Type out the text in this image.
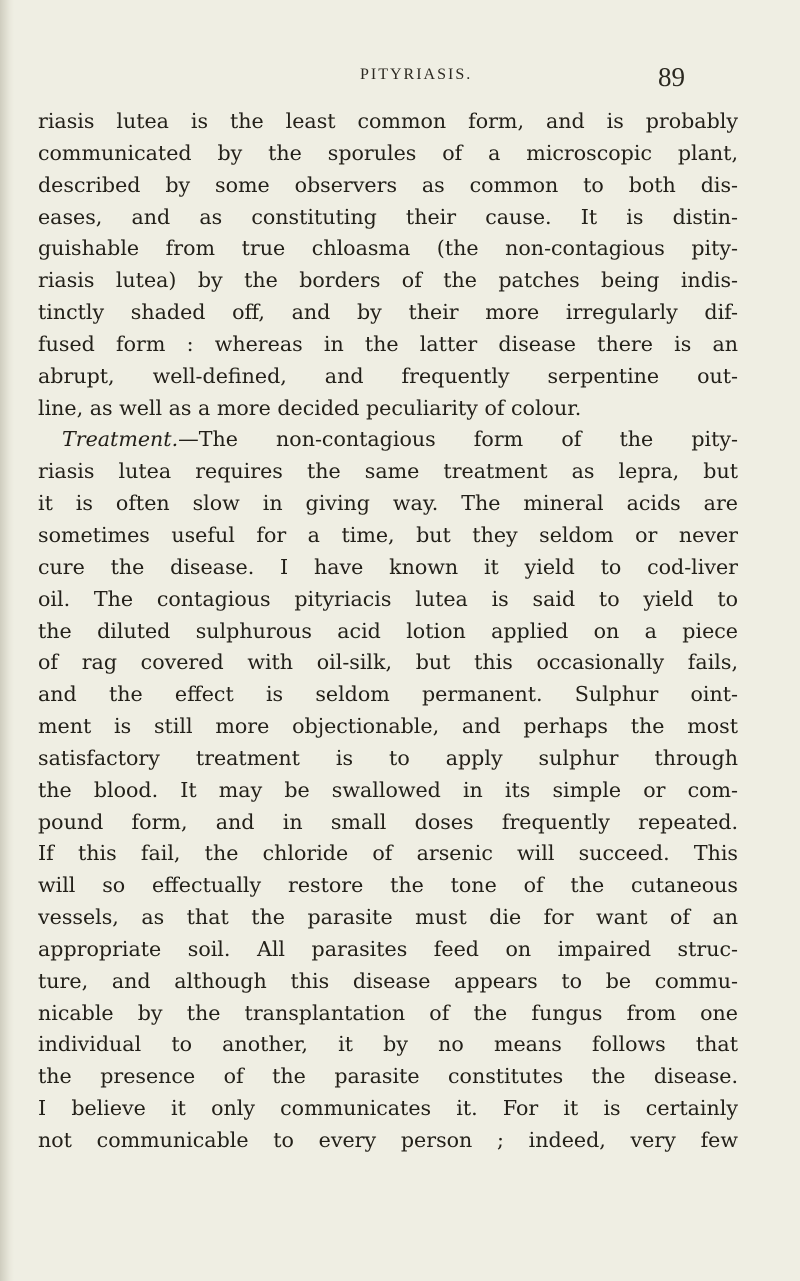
PITYRIASIS.	89
riasis lutea is the least common form, and is probably
communicated by the sporules of a microscopic plant,
described by some observers as common to both dis-
eases, and as constituting their cause. It is distin-
guishable from true chloasma (the non-contagious pity-
riasis lutea) by the borders of the patches being indis-
tinctly shaded off, and by their more irregularly dif-
fused form : whereas in the latter disease there is an
abrupt, well-defined, and frequently serpentine out-
line, as well as a more decided peculiarity of colour.
Treatment.—The non-contagious form of the pity-
riasis lutea requires the same treatment as lepra, but
it is often slow in giving way. The mineral acids are
sometimes useful for a time, but they seldom or never
cure the disease. I have known it yield to cod-liver
oil. The contagious pityriacis lutea is said to yield to
the diluted sulphurous acid lotion applied on a piece
of rag covered with oil-silk, but this occasionally fails,
and the effect is seldom permanent. Sulphur oint-
ment is still more objectionable, and perhaps the most
satisfactory treatment is to apply sulphur through
the blood. It may be swallowed in its simple or com-
pound form, and in small doses frequently repeated.
If this fail, the chloride of arsenic will succeed. This
will so effectually restore the tone of the cutaneous
vessels, as that the parasite must die for want of an
appropriate soil. All parasites feed on impaired struc-
ture, and although this disease appears to be commu-
nicable by the transplantation of the fungus from one
individual to another, it by no means follows that
the presence of the parasite constitutes the disease.
I believe it only communicates it. For it is certainly
not communicable to every person ; indeed, very few
